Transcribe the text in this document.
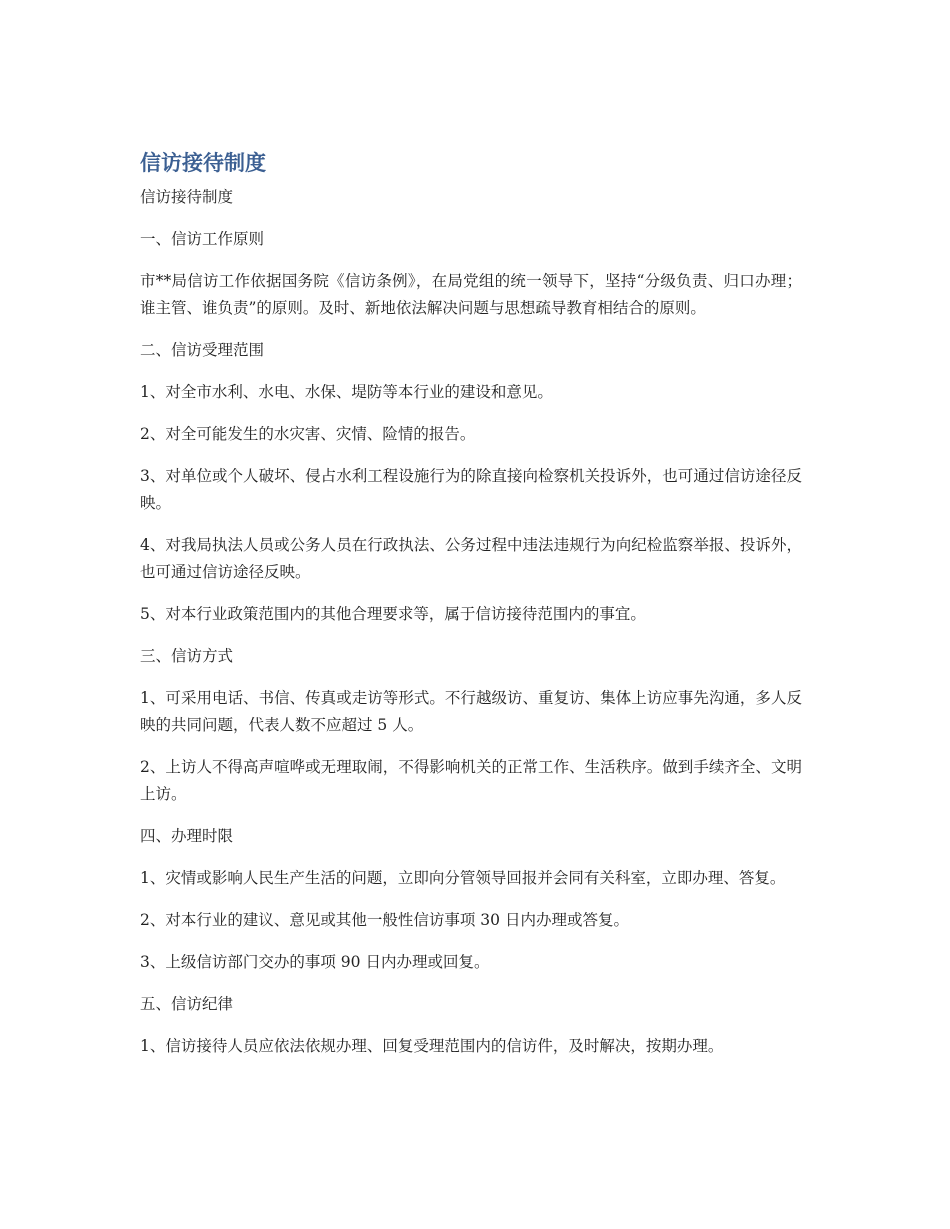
信访接待制度

信访接待制度

一、信访工作原则

市**局信访工作依据国务院《信访条例》，在局党组的统一领导下，坚持“分级负责、归口办理；谁主管、谁负责”的原则。及时、新地依法解决问题与思想疏导教育相结合的原则。

二、信访受理范围

1、对全市水利、水电、水保、堤防等本行业的建设和意见。

2、对全可能发生的水灾害、灾情、险情的报告。

3、对单位或个人破坏、侵占水利工程设施行为的除直接向检察机关投诉外，也可通过信访途径反映。

4、对我局执法人员或公务人员在行政执法、公务过程中违法违规行为向纪检监察举报、投诉外，也可通过信访途径反映。

5、对本行业政策范围内的其他合理要求等，属于信访接待范围内的事宜。

三、信访方式

1、可采用电话、书信、传真或走访等形式。不行越级访、重复访、集体上访应事先沟通，多人反映的共同问题，代表人数不应超过 5 人。

2、上访人不得高声喧哗或无理取闹，不得影响机关的正常工作、生活秩序。做到手续齐全、文明上访。

四、办理时限

1、灾情或影响人民生产生活的问题，立即向分管领导回报并会同有关科室，立即办理、答复。

2、对本行业的建议、意见或其他一般性信访事项 30 日内办理或答复。

3、上级信访部门交办的事项 90 日内办理或回复。

五、信访纪律

1、信访接待人员应依法依规办理、回复受理范围内的信访件，及时解决，按期办理。
